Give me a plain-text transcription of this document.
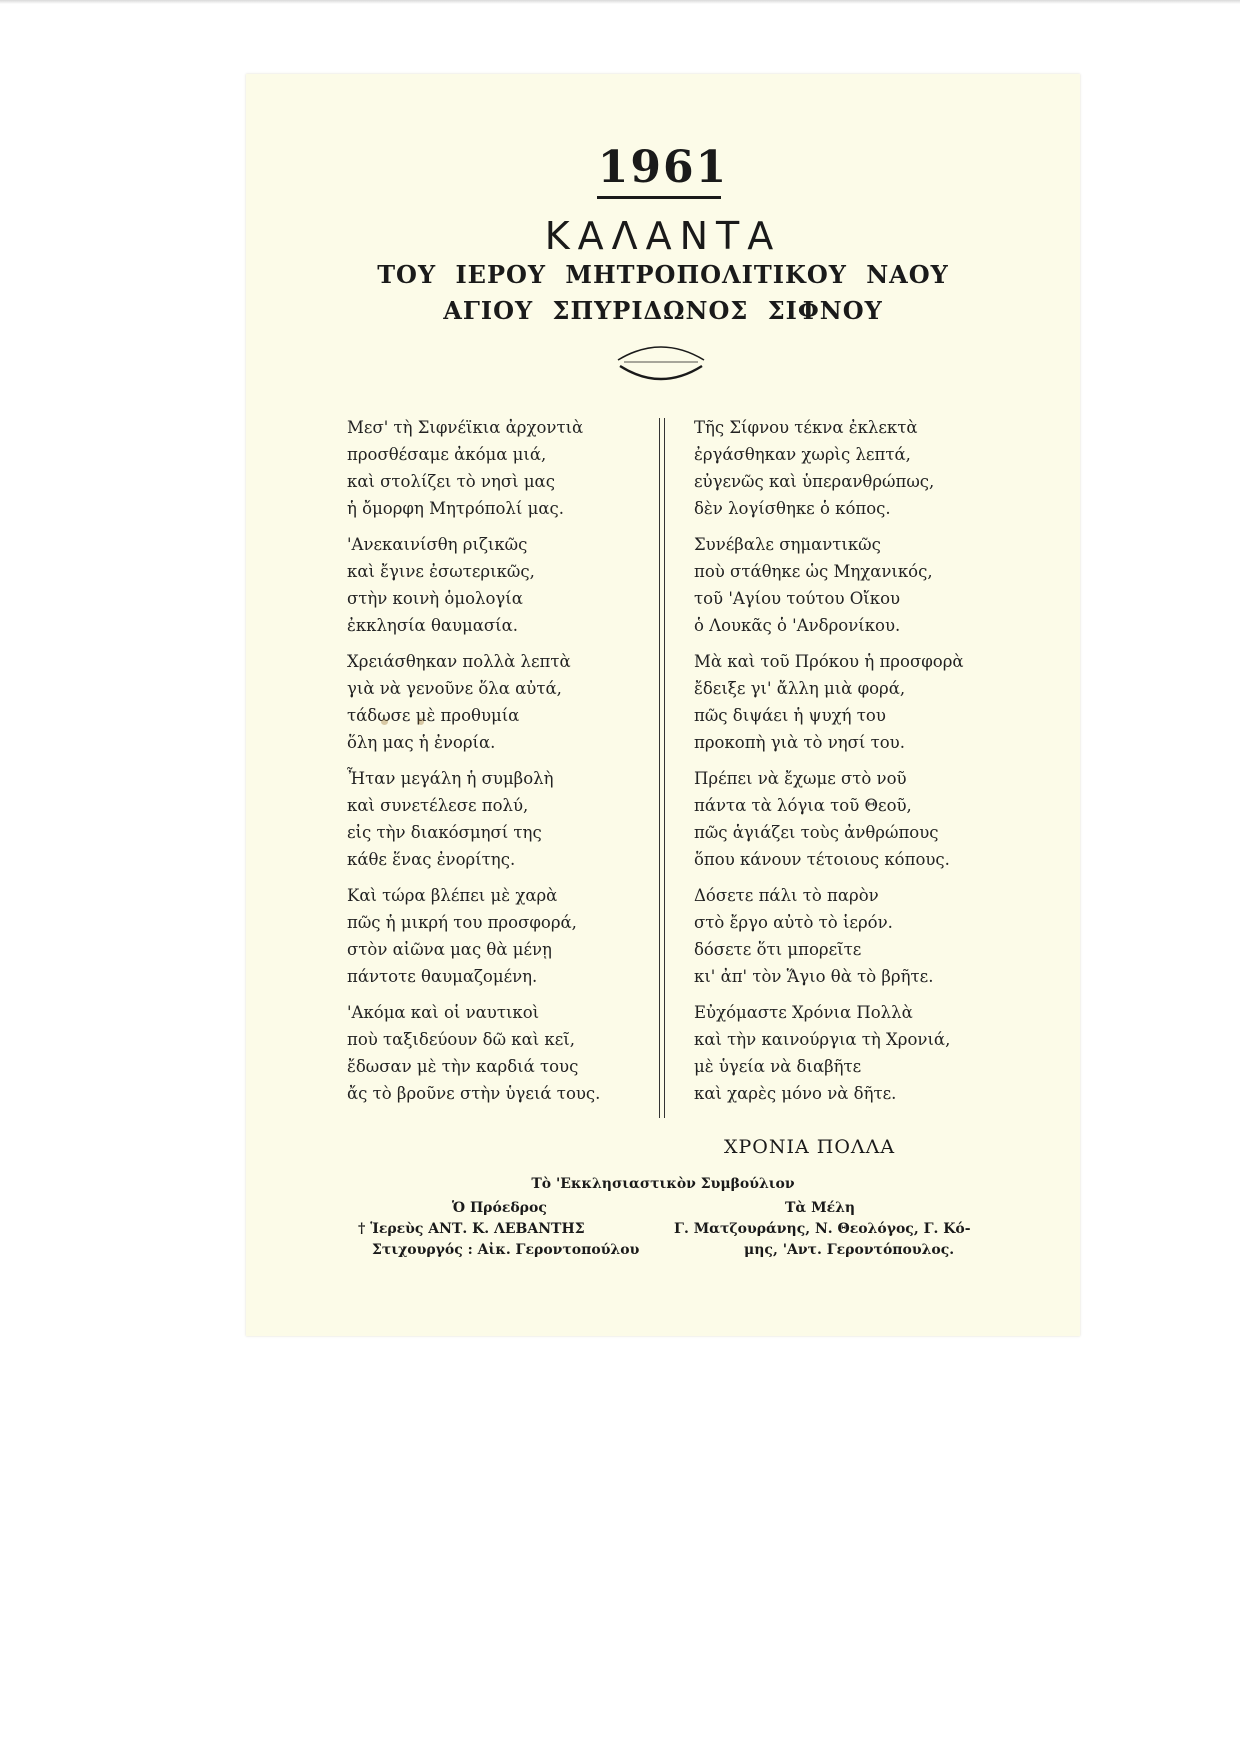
1961
ΚΑΛΑΝΤΑ
ΤΟΥ ΙΕΡΟΥ ΜΗΤΡΟΠΟΛΙΤΙΚΟΥ ΝΑΟΥ
ΑΓΙΟΥ ΣΠΥΡΙΔΩΝΟΣ ΣΙΦΝΟΥ
Μεσ' τὴ Σιφνέϊκια ἀρχοντιὰ
προσθέσαμε ἀκόμα μιά,
καὶ στολίζει τὸ νησὶ μας
ἡ ὄμορφη Μητρόπολί μας.
'Ανεκαινίσθη ριζικῶς
καὶ ἔγινε ἐσωτερικῶς,
στὴν κοινὴ ὁμολογία
ἐκκλησία θαυμασία.
Χρειάσθηκαν πολλὰ λεπτὰ
γιὰ νὰ γενοῦνε ὅλα αὐτά,
τάδωσε μὲ προθυμία
ὅλη μας ἡ ἐνορία.
Ἦταν μεγάλη ἡ συμβολὴ
καὶ συνετέλεσε πολύ,
εἰς τὴν διακόσμησί της
κάθε ἕνας ἐνορίτης.
Καὶ τώρα βλέπει μὲ χαρὰ
πῶς ἡ μικρή του προσφορά,
στὸν αἰῶνα μας θὰ μένῃ
πάντοτε θαυμαζομένη.
'Ακόμα καὶ οἱ ναυτικοὶ
ποὺ ταξιδεύουν δῶ καὶ κεῖ,
ἔδωσαν μὲ τὴν καρδιά τους
ἄς τὸ βροῦνε στὴν ὑγειά τους.
Τῆς Σίφνου τέκνα ἐκλεκτὰ
ἐργάσθηκαν χωρὶς λεπτά,
εὐγενῶς καὶ ὑπερανθρώπως,
δὲν λογίσθηκε ὁ κόπος.
Συνέβαλε σημαντικῶς
ποὺ στάθηκε ὡς Μηχανικός,
τοῦ 'Αγίου τούτου Οἴκου
ὁ Λουκᾶς ὁ 'Ανδρονίκου.
Μὰ καὶ τοῦ Πρόκου ἡ προσφορὰ
ἔδειξε γι' ἄλλη μιὰ φορά,
πῶς διψάει ἡ ψυχή του
προκοπὴ γιὰ τὸ νησί του.
Πρέπει νὰ ἔχωμε στὸ νοῦ
πάντα τὰ λόγια τοῦ Θεοῦ,
πῶς ἁγιάζει τοὺς ἀνθρώπους
ὅπου κάνουν τέτοιους κόπους.
Δόσετε πάλι τὸ παρὸν
στὸ ἔργο αὐτὸ τὸ ἱερόν.
δόσετε ὅτι μπορεῖτε
κι' ἀπ' τὸν Ἅγιο θὰ τὸ βρῆτε.
Εὐχόμαστε Χρόνια Πολλὰ
καὶ τὴν καινούργια τὴ Χρονιά,
μὲ ὑγεία νὰ διαβῆτε
καὶ χαρὲς μόνο νὰ δῆτε.
ΧΡΟΝΙΑ ΠΟΛΛΑ
Τὸ 'Εκκλησιαστικὸν Συμβούλιον
Ὁ Πρόεδρος
† Ἱερεὺς ΑΝΤ. Κ. ΛΕΒΑΝΤΗΣ
Στιχουργός : Αἰκ. Γεροντοπούλου
Τὰ Μέλη
Γ. Ματζουράνης, Ν. Θεολόγος, Γ. Κό-
μης, 'Αντ. Γεροντόπουλος.
